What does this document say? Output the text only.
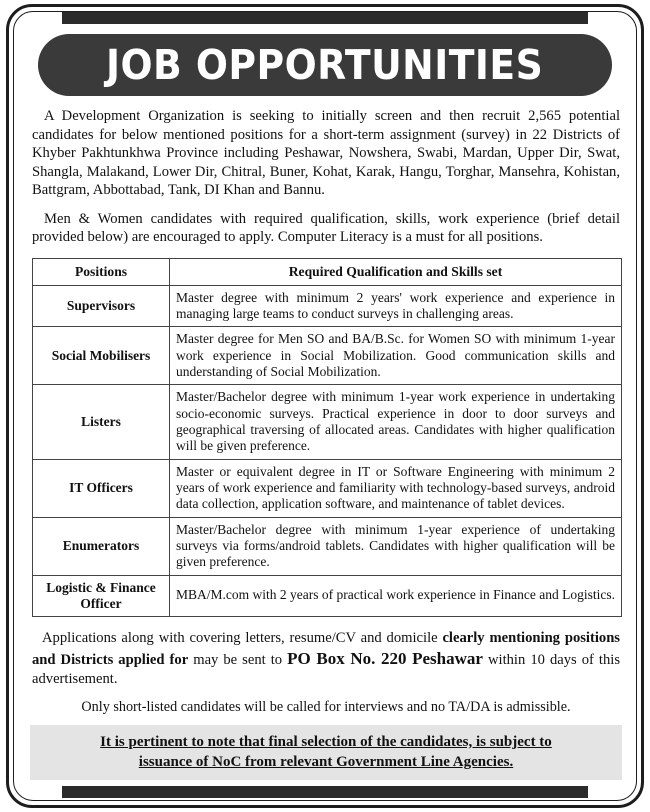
JOB OPPORTUNITIES

A Development Organization is seeking to initially screen and then recruit 2,565 potential candidates for below mentioned positions for a short-term assignment (survey) in 22 Districts of Khyber Pakhtunkhwa Province including Peshawar, Nowshera, Swabi, Mardan, Upper Dir, Swat, Shangla, Malakand, Lower Dir, Chitral, Buner, Kohat, Karak, Hangu, Torghar, Mansehra, Kohistan, Battgram, Abbottabad, Tank, DI Khan and Bannu.

Men & Women candidates with required qualification, skills, work experience (brief detail provided below) are encouraged to apply. Computer Literacy is a must for all positions.

Positions	Required Qualification and Skills set
Supervisors	Master degree with minimum 2 years' work experience and experience in managing large teams to conduct surveys in challenging areas.
Social Mobilisers	Master degree for Men SO and BA/B.Sc. for Women SO with minimum 1-year work experience in Social Mobilization. Good communication skills and understanding of Social Mobilization.
Listers	Master/Bachelor degree with minimum 1-year work experience in undertaking socio-economic surveys. Practical experience in door to door surveys and geographical traversing of allocated areas. Candidates with higher qualification will be given preference.
IT Officers	Master or equivalent degree in IT or Software Engineering with minimum 2 years of work experience and familiarity with technology-based surveys, android data collection, application software, and maintenance of tablet devices.
Enumerators	Master/Bachelor degree with minimum 1-year experience of undertaking surveys via forms/android tablets. Candidates with higher qualification will be given preference.
Logistic & Finance Officer	MBA/M.com with 2 years of practical work experience in Finance and Logistics.

Applications along with covering letters, resume/CV and domicile clearly mentioning positions and Districts applied for may be sent to PO Box No. 220 Peshawar within 10 days of this advertisement.

Only short-listed candidates will be called for interviews and no TA/DA is admissible.

It is pertinent to note that final selection of the candidates, is subject to
issuance of NoC from relevant Government Line Agencies.
